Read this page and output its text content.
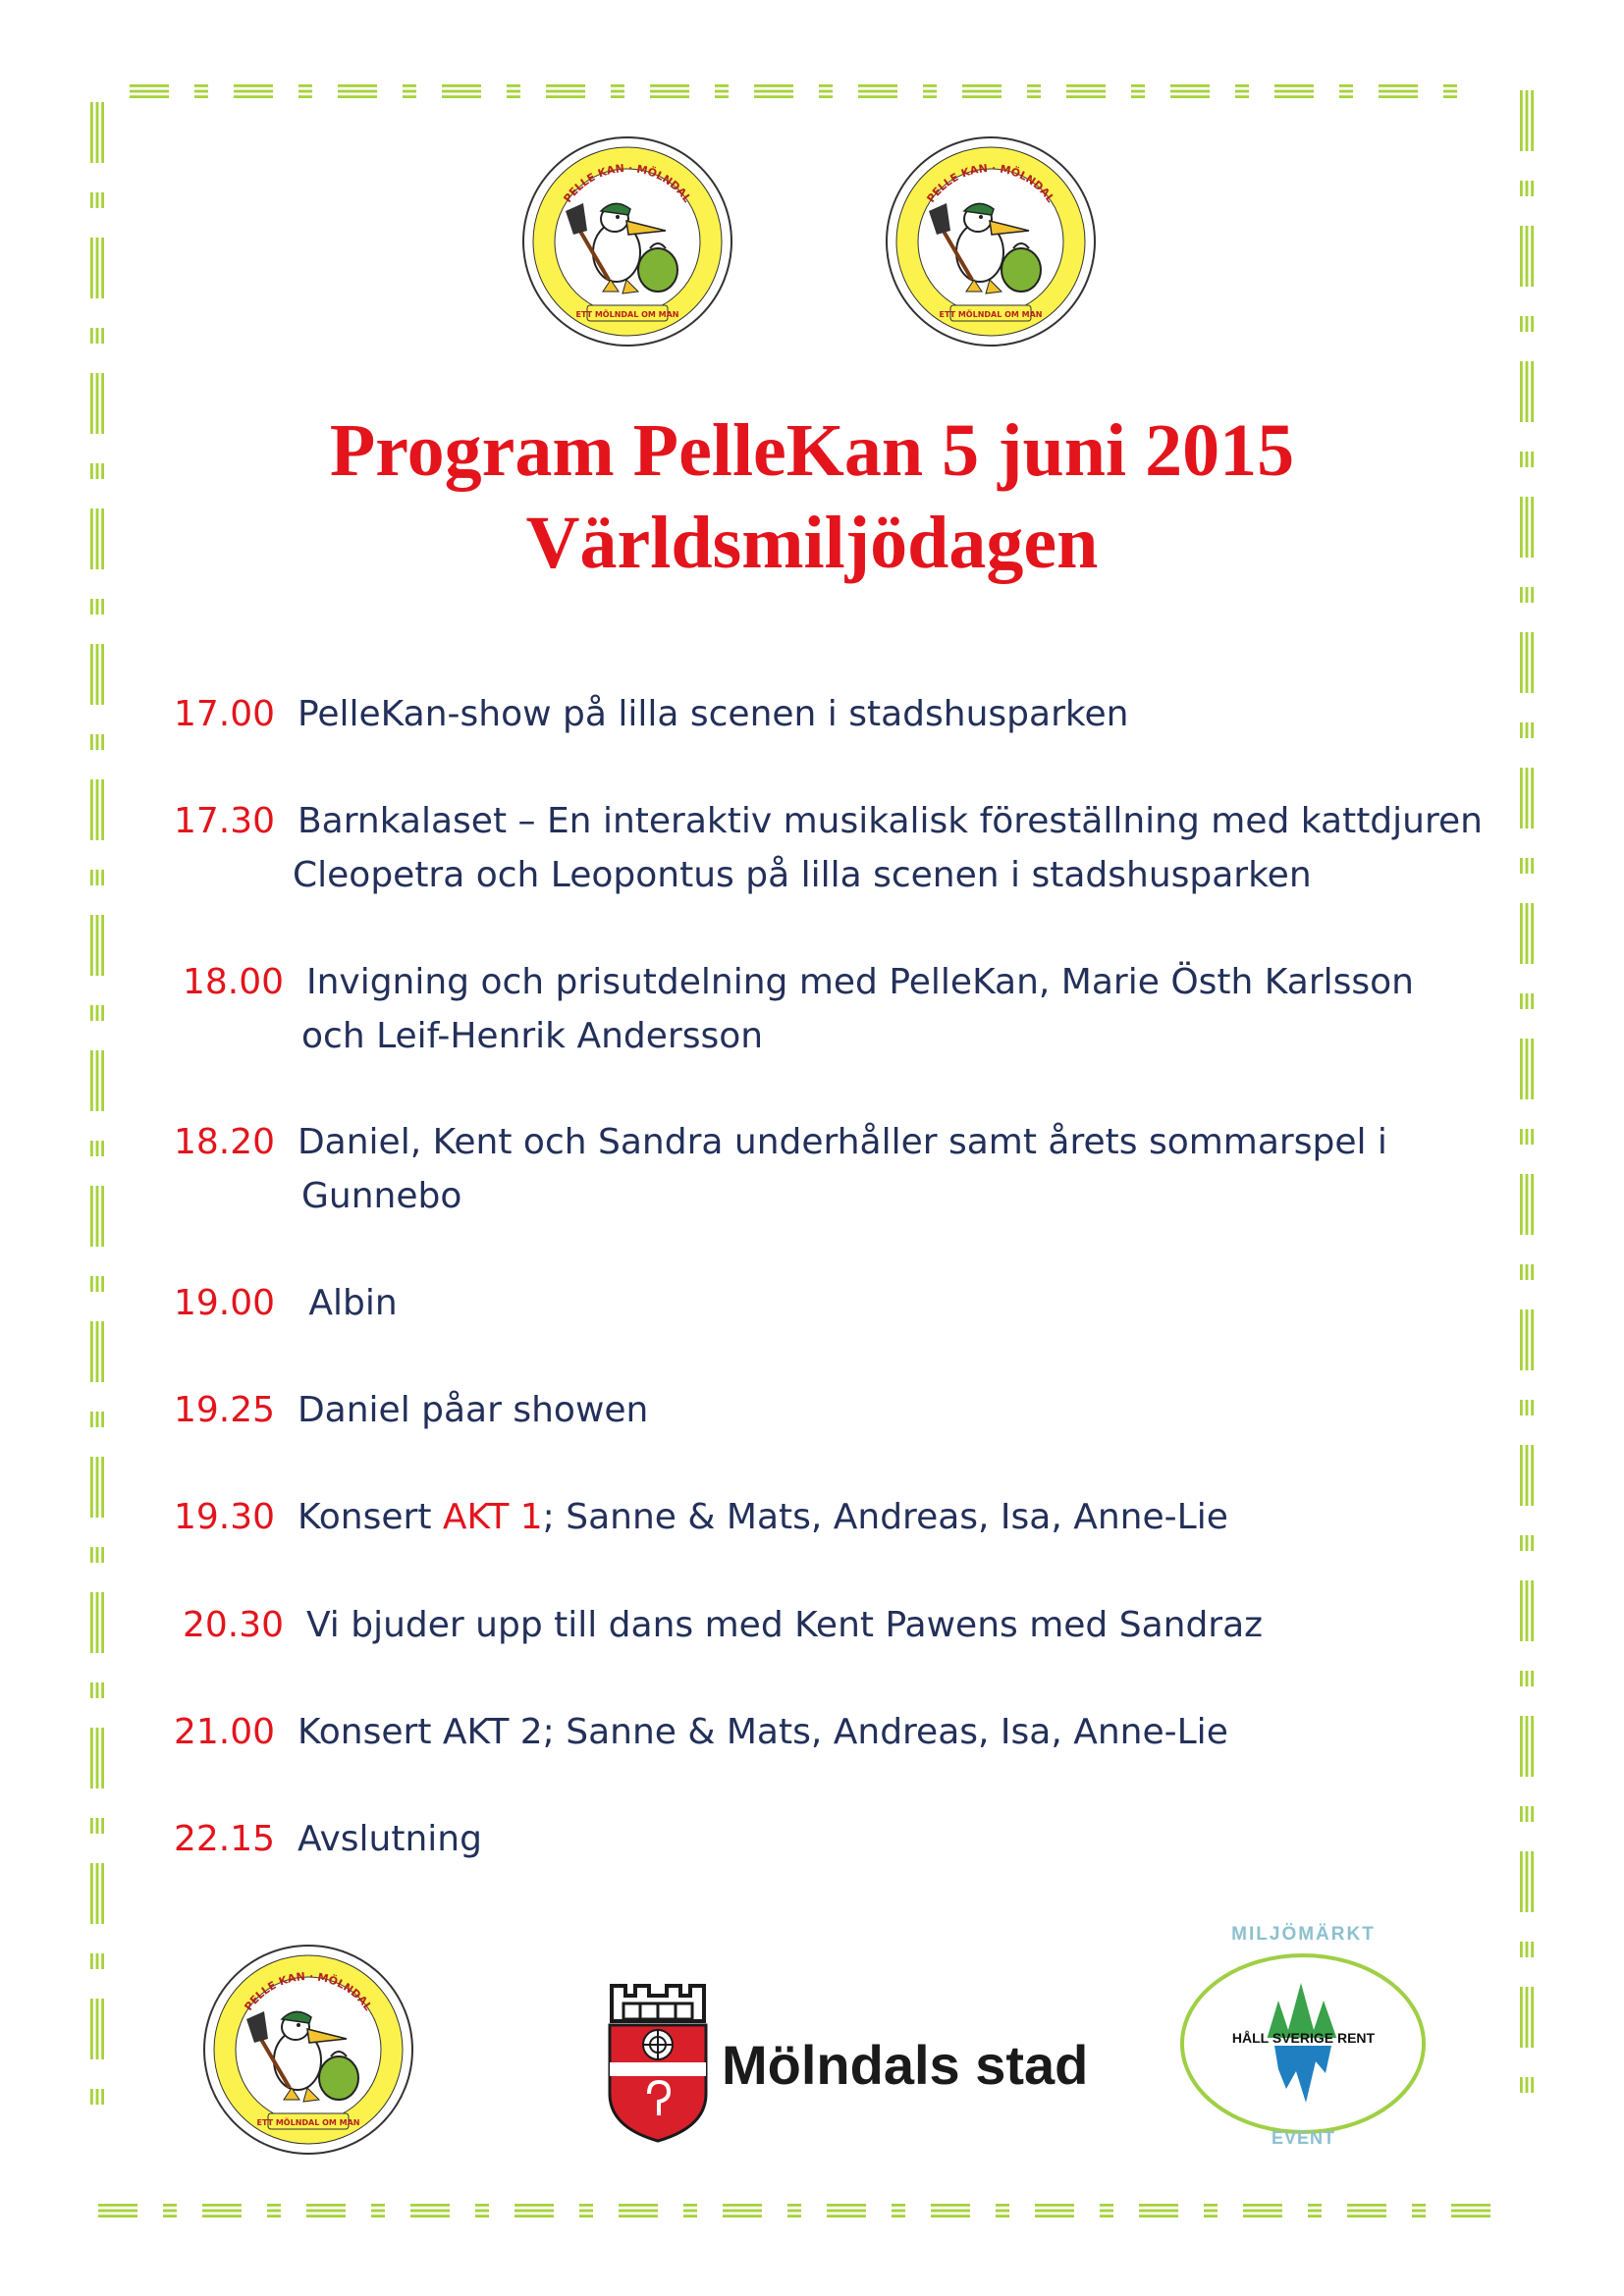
PELLE KAN · MÖLNDAL
ETT MÖLNDAL OM MAN
PELLE KAN · MÖLNDAL
ETT MÖLNDAL OM MAN
Program PelleKan 5 juni 2015
Världsmiljödagen
17.00 PelleKan-show på lilla scenen i stadshusparken
17.30 Barnkalaset – En interaktiv musikalisk föreställning med kattdjuren
Cleopetra och Leopontus på lilla scenen i stadshusparken
18.00 Invigning och prisutdelning med PelleKan, Marie Östh Karlsson
och Leif-Henrik Andersson
18.20 Daniel, Kent och Sandra underhåller samt årets sommarspel i
Gunnebo
19.00 Albin
19.25 Daniel påar showen
19.30 Konsert AKT 1; Sanne & Mats, Andreas, Isa, Anne-Lie
20.30 Vi bjuder upp till dans med Kent Pawens med Sandraz
21.00 Konsert AKT 2; Sanne & Mats, Andreas, Isa, Anne-Lie
22.15 Avslutning
PELLE KAN · MÖLNDAL
ETT MÖLNDAL OM MAN
Mölndals stad
MILJÖMÄRKT
HÅLL SVERIGE RENT
EVENT
